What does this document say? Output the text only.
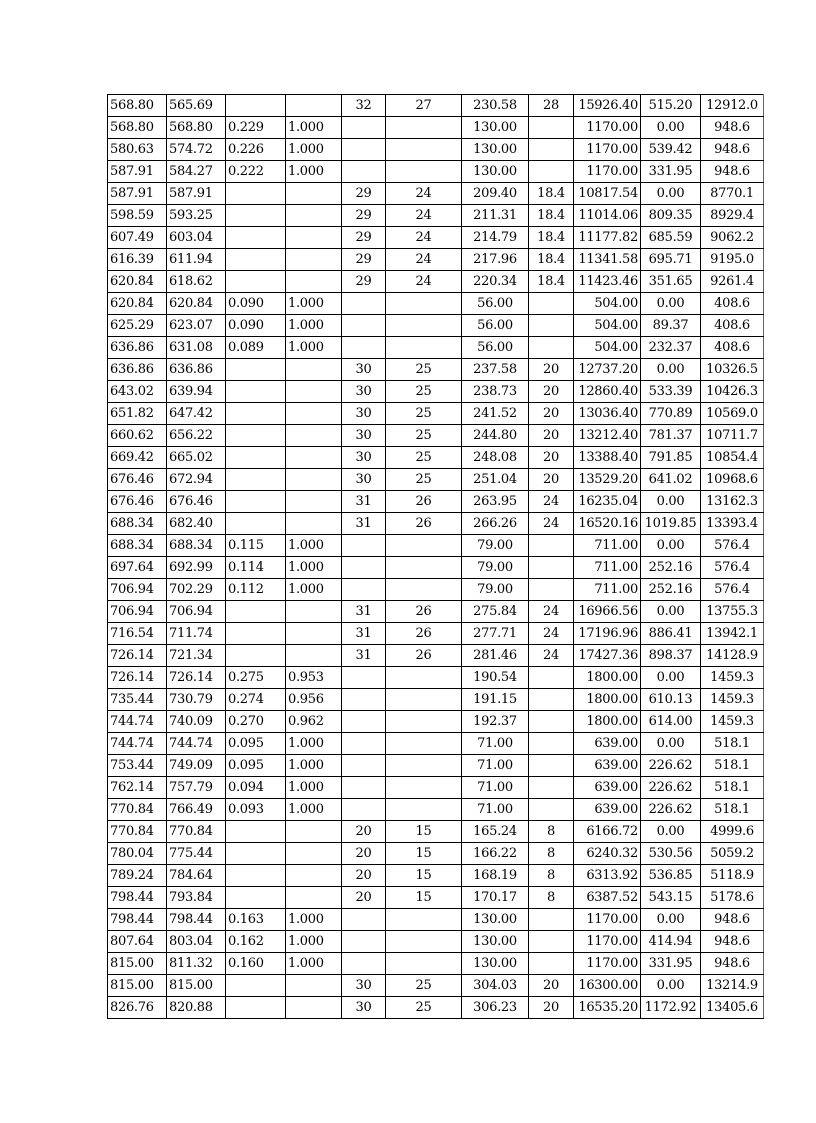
568.80	565.69			32	27	230.58	28	15926.40	515.20	12912.0
568.80	568.80	0.229	1.000			130.00		1170.00	0.00	948.6
580.63	574.72	0.226	1.000			130.00		1170.00	539.42	948.6
587.91	584.27	0.222	1.000			130.00		1170.00	331.95	948.6
587.91	587.91			29	24	209.40	18.4	10817.54	0.00	8770.1
598.59	593.25			29	24	211.31	18.4	11014.06	809.35	8929.4
607.49	603.04			29	24	214.79	18.4	11177.82	685.59	9062.2
616.39	611.94			29	24	217.96	18.4	11341.58	695.71	9195.0
620.84	618.62			29	24	220.34	18.4	11423.46	351.65	9261.4
620.84	620.84	0.090	1.000			56.00		504.00	0.00	408.6
625.29	623.07	0.090	1.000			56.00		504.00	89.37	408.6
636.86	631.08	0.089	1.000			56.00		504.00	232.37	408.6
636.86	636.86			30	25	237.58	20	12737.20	0.00	10326.5
643.02	639.94			30	25	238.73	20	12860.40	533.39	10426.3
651.82	647.42			30	25	241.52	20	13036.40	770.89	10569.0
660.62	656.22			30	25	244.80	20	13212.40	781.37	10711.7
669.42	665.02			30	25	248.08	20	13388.40	791.85	10854.4
676.46	672.94			30	25	251.04	20	13529.20	641.02	10968.6
676.46	676.46			31	26	263.95	24	16235.04	0.00	13162.3
688.34	682.40			31	26	266.26	24	16520.16	1019.85	13393.4
688.34	688.34	0.115	1.000			79.00		711.00	0.00	576.4
697.64	692.99	0.114	1.000			79.00		711.00	252.16	576.4
706.94	702.29	0.112	1.000			79.00		711.00	252.16	576.4
706.94	706.94			31	26	275.84	24	16966.56	0.00	13755.3
716.54	711.74			31	26	277.71	24	17196.96	886.41	13942.1
726.14	721.34			31	26	281.46	24	17427.36	898.37	14128.9
726.14	726.14	0.275	0.953			190.54		1800.00	0.00	1459.3
735.44	730.79	0.274	0.956			191.15		1800.00	610.13	1459.3
744.74	740.09	0.270	0.962			192.37		1800.00	614.00	1459.3
744.74	744.74	0.095	1.000			71.00		639.00	0.00	518.1
753.44	749.09	0.095	1.000			71.00		639.00	226.62	518.1
762.14	757.79	0.094	1.000			71.00		639.00	226.62	518.1
770.84	766.49	0.093	1.000			71.00		639.00	226.62	518.1
770.84	770.84			20	15	165.24	8	6166.72	0.00	4999.6
780.04	775.44			20	15	166.22	8	6240.32	530.56	5059.2
789.24	784.64			20	15	168.19	8	6313.92	536.85	5118.9
798.44	793.84			20	15	170.17	8	6387.52	543.15	5178.6
798.44	798.44	0.163	1.000			130.00		1170.00	0.00	948.6
807.64	803.04	0.162	1.000			130.00		1170.00	414.94	948.6
815.00	811.32	0.160	1.000			130.00		1170.00	331.95	948.6
815.00	815.00			30	25	304.03	20	16300.00	0.00	13214.9
826.76	820.88			30	25	306.23	20	16535.20	1172.92	13405.6
